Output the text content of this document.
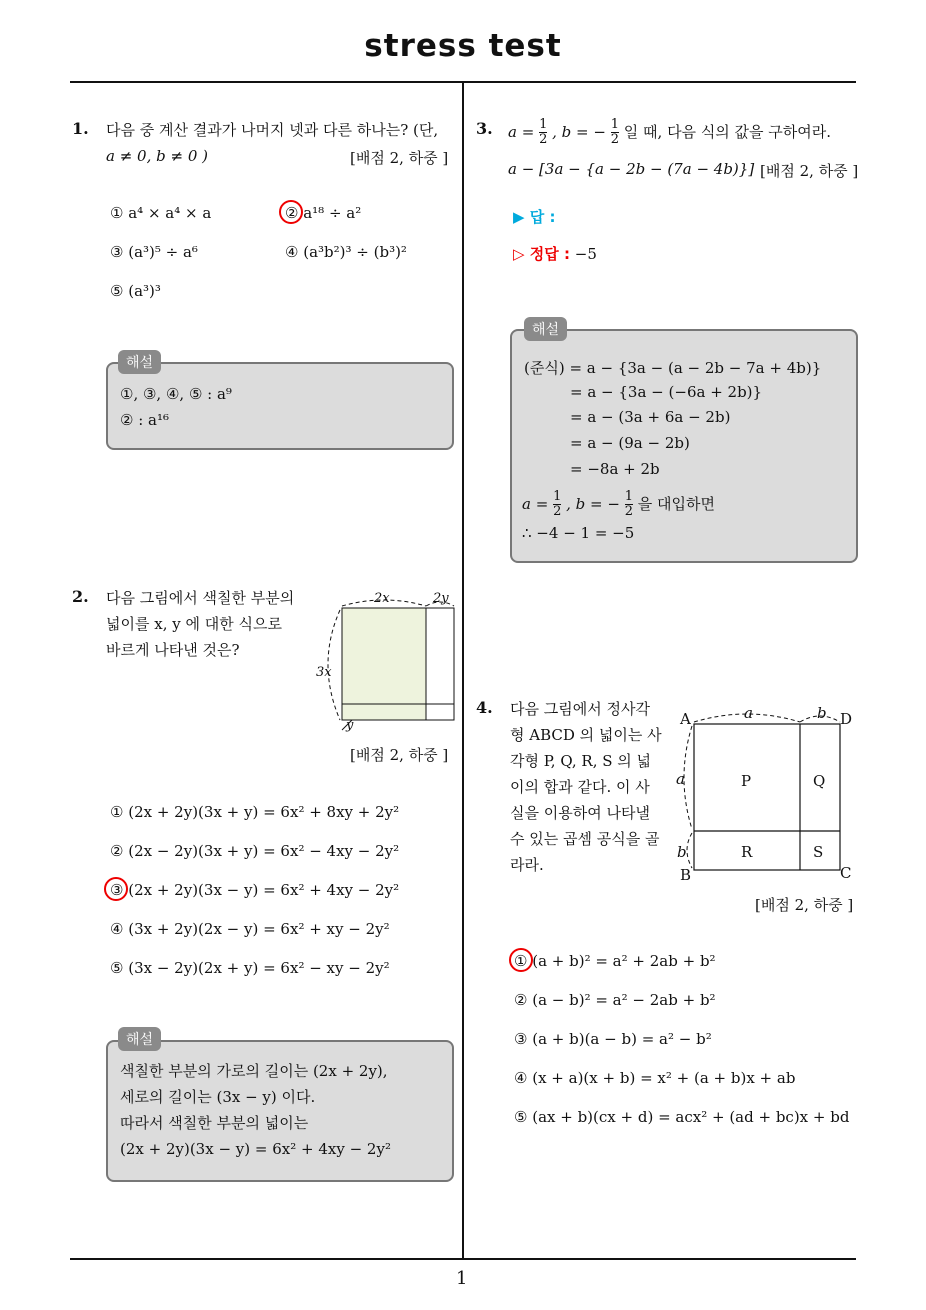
stress test
1. 다음 중 계산 결과가 나머지 넷과 다른 하나는? (단,
a ≠ 0, b ≠ 0 )	[배점 2, 하중 ]
① a⁴ × a⁴ × a	② a¹⁸ ÷ a²
③ (a³)⁵ ÷ a⁶	④ (a³b²)³ ÷ (b³)²
⑤ (a³)³
해설
①, ③, ④, ⑤ : a⁹
② : a¹⁶
2. 다음 그림에서 색칠한 부분의
넓이를 x, y 에 대한 식으로
바르게 나타낸 것은?
2x	2y
3x
y
[배점 2, 하중 ]
① (2x + 2y)(3x + y) = 6x² + 8xy + 2y²
② (2x − 2y)(3x + y) = 6x² − 4xy − 2y²
③ (2x + 2y)(3x − y) = 6x² + 4xy − 2y²
④ (3x + 2y)(2x − y) = 6x² + xy − 2y²
⑤ (3x − 2y)(2x + y) = 6x² − xy − 2y²
해설
색칠한 부분의 가로의 길이는 (2x + 2y),
세로의 길이는 (3x − y) 이다.
따라서 색칠한 부분의 넓이는
(2x + 2y)(3x − y) = 6x² + 4xy − 2y²
3. $a = \frac{1}{2}$ , b = − $\frac{1}{2}$ 일 때, 다음 식의 값을 구하여라.
a − [3a − {a − 2b − (7a − 4b)}] [배점 2, 하중 ]
▶ 답 :
▷ 정답 : −5
해설
(준식) = a − {3a − (a − 2b − 7a + 4b)}
= a − {3a − (−6a + 2b)}
= a − (3a + 6a − 2b)
= a − (9a − 2b)
= −8a + 2b
$a = \frac{1}{2}$ , b = − $\frac{1}{2}$ 을 대입하면
∴ −4 − 1 = −5
4. 다음 그림에서 정사각
형 ABCD 의 넓이는 사
각형 P, Q, R, S 의 넓
이의 합과 같다. 이 사
실을 이용하여 나타낼
수 있는 곱셈 공식을 골
라라.
A	D
B	C
a	b
a
b
P	Q
R	S
[배점 2, 하중 ]
① (a + b)² = a² + 2ab + b²
② (a − b)² = a² − 2ab + b²
③ (a + b)(a − b) = a² − b²
④ (x + a)(x + b) = x² + (a + b)x + ab
⑤ (ax + b)(cx + d) = acx² + (ad + bc)x + bd
1
